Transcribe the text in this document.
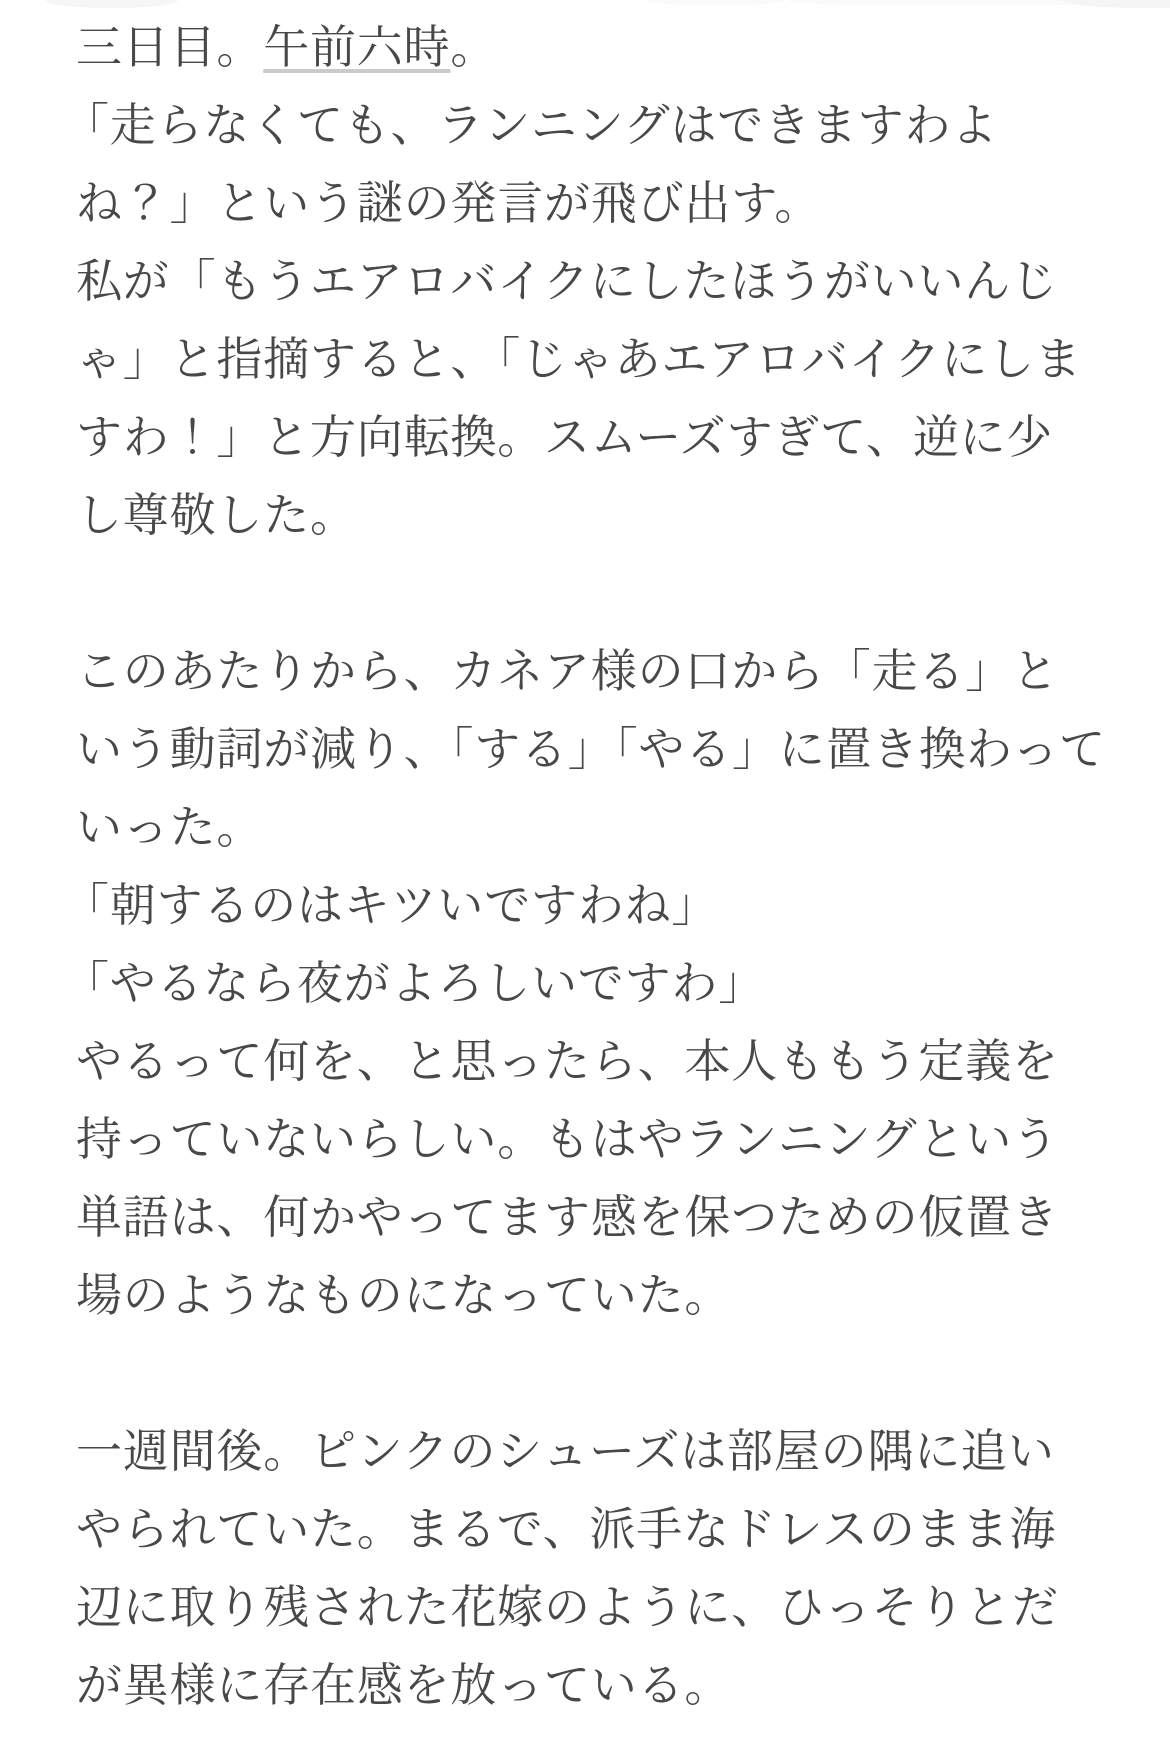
三日目。午前六時。
「走らなくても、ランニングはできますわよ
ね？」という謎の発言が飛び出す。
私が「もうエアロバイクにしたほうがいいんじ
ゃ」と指摘すると、「じゃあエアロバイクにしま
すわ！」と方向転換。スムーズすぎて、逆に少
し尊敬した。
このあたりから、カネア様の口から「走る」と
いう動詞が減り、「する」「やる」に置き換わって
いった。
「朝するのはキツいですわね」
「やるなら夜がよろしいですわ」
やるって何を、と思ったら、本人ももう定義を
持っていないらしい。もはやランニングという
単語は、何かやってます感を保つための仮置き
場のようなものになっていた。
一週間後。ピンクのシューズは部屋の隅に追い
やられていた。まるで、派手なドレスのまま海
辺に取り残された花嫁のように、ひっそりとだ
が異様に存在感を放っている。
